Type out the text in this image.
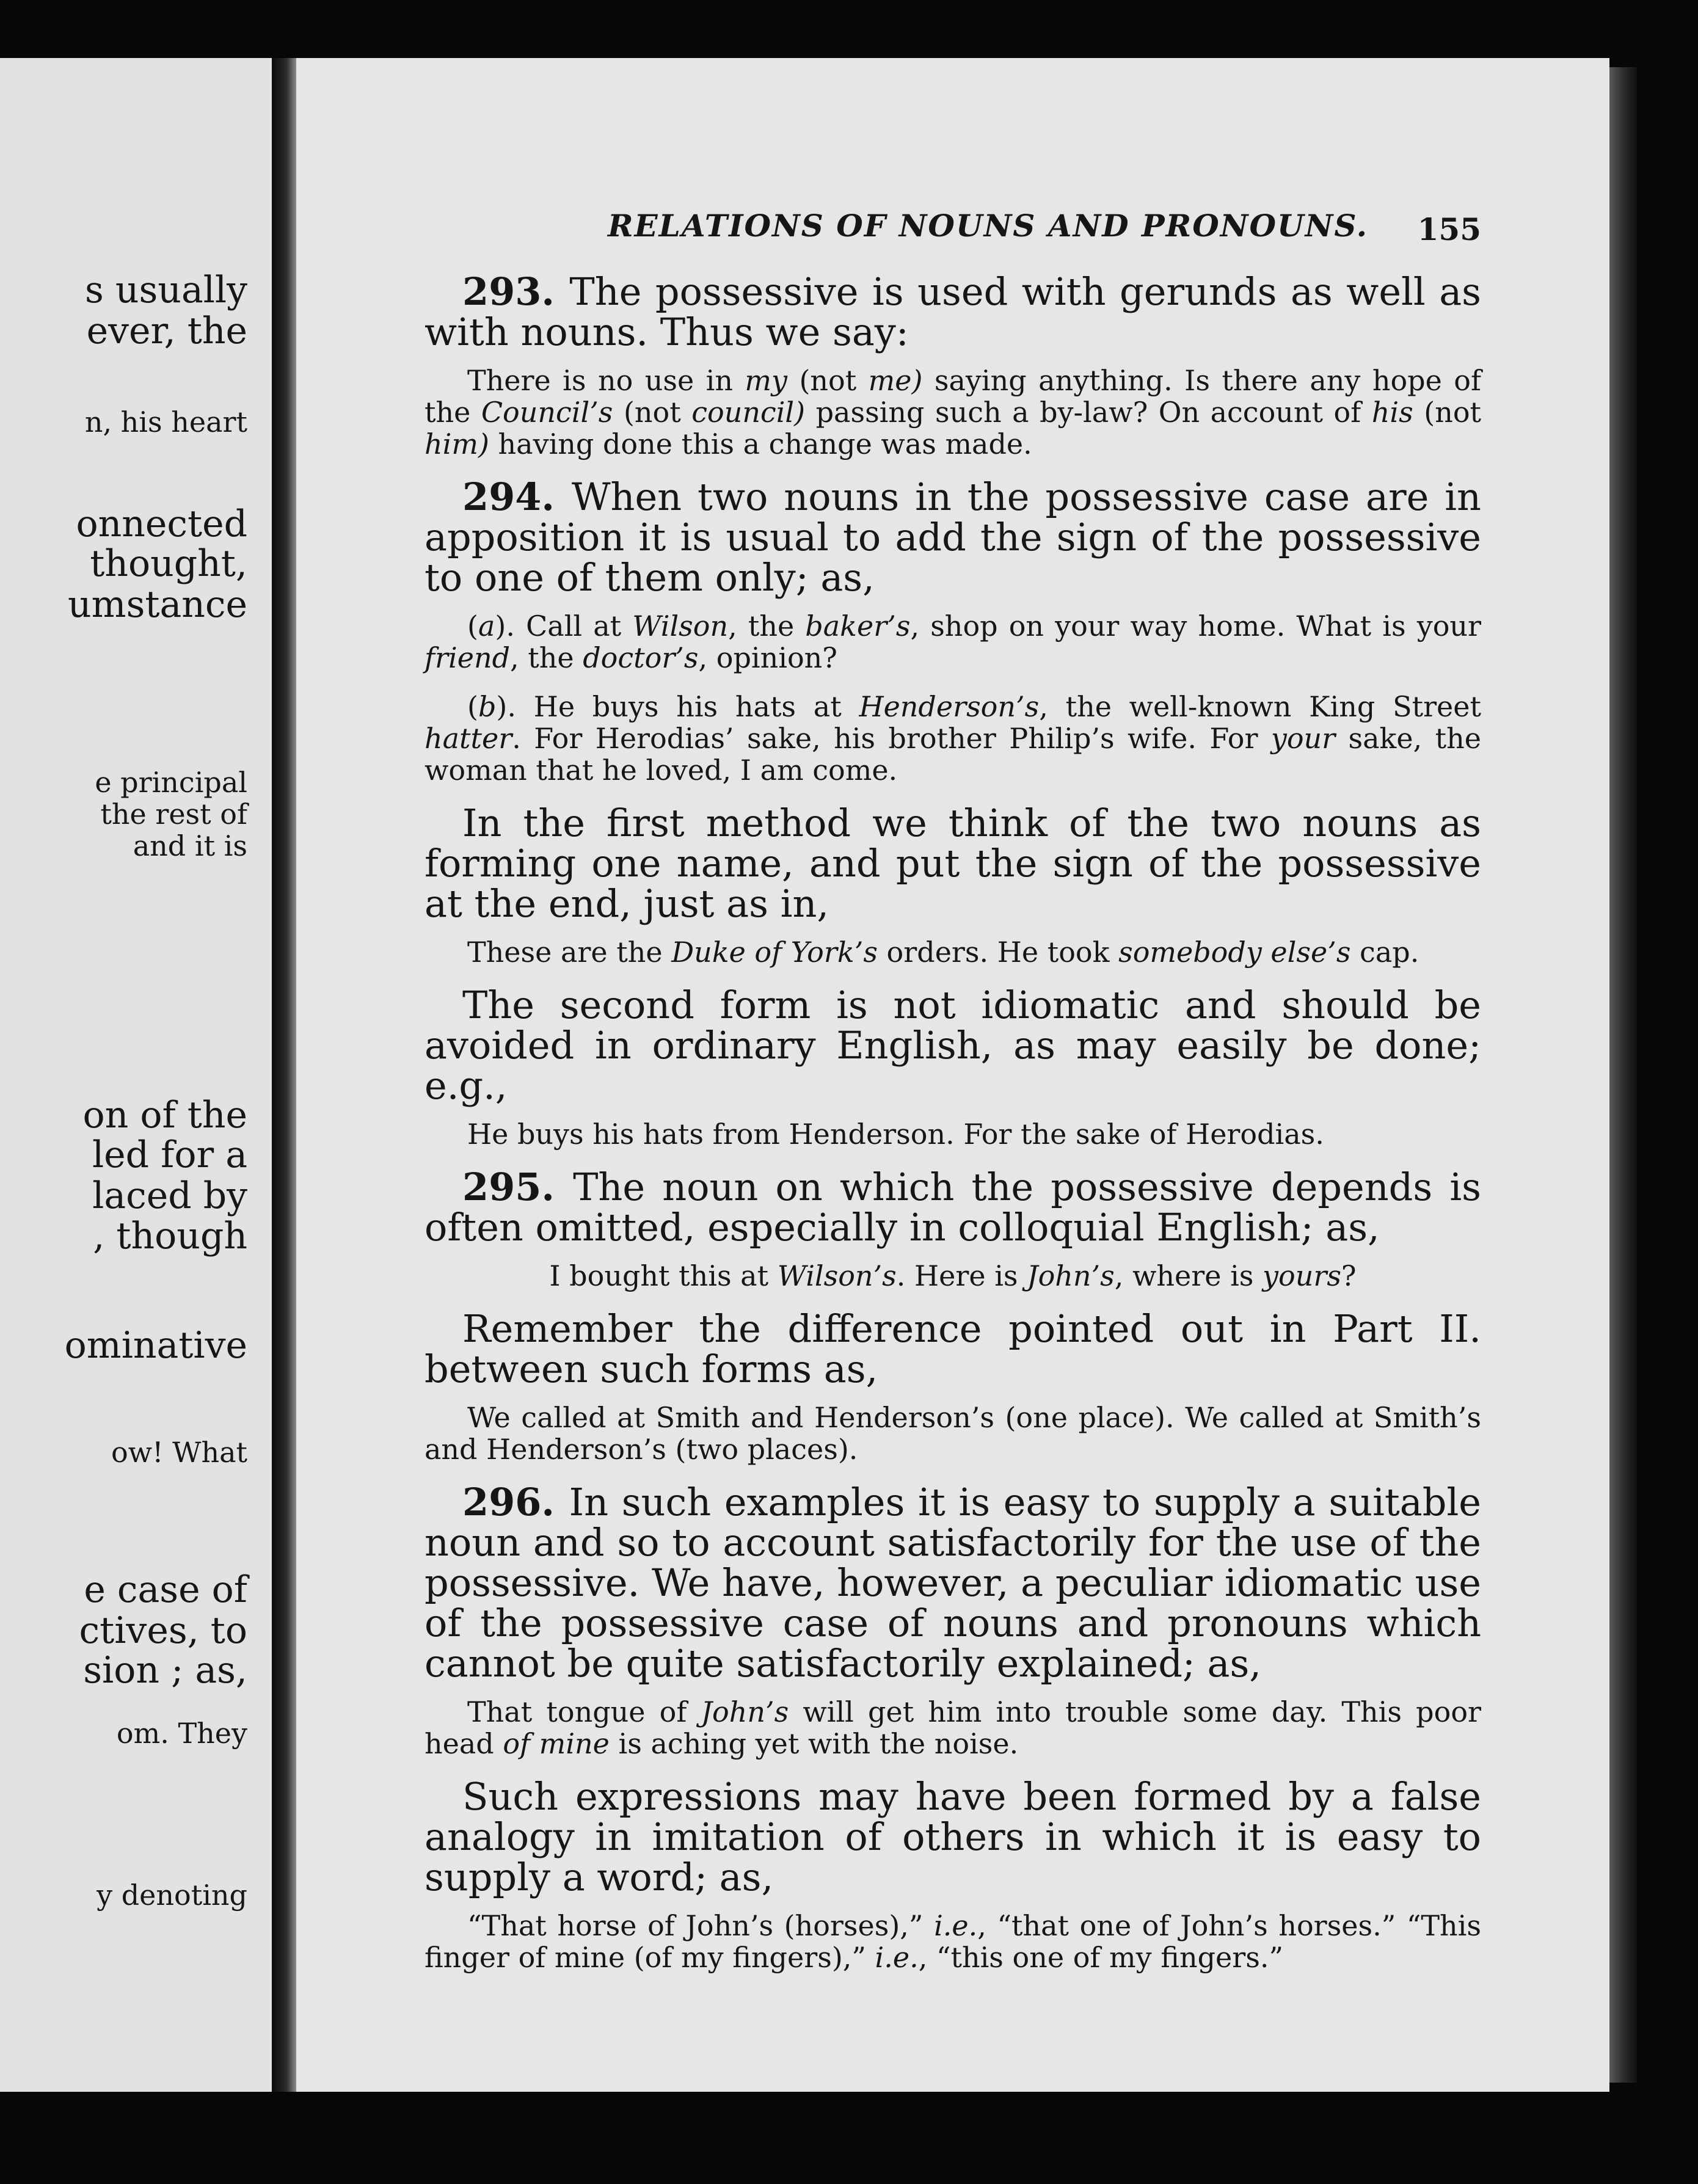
s usually
ever, the
n, his heart
onnected
thought,
umstance
e principal
the rest of
and it is
on of the
led for a
laced by
, though
ominative
ow! What
e case of
ctives, to
sion ; as,
om. They
y denoting
RELATIONS OF NOUNS AND PRONOUNS. 155

293. The possessive is used with gerunds as well as with nouns. Thus we say:

There is no use in my (not me) saying anything. Is there any hope of the Council’s (not council) passing such a by-law? On account of his (not him) having done this a change was made.

294. When two nouns in the possessive case are in apposition it is usual to add the sign of the possessive to one of them only; as,

(a). Call at Wilson, the baker’s, shop on your way home. What is your friend, the doctor’s, opinion?

(b). He buys his hats at Henderson’s, the well-known King Street hatter. For Herodias’ sake, his brother Philip’s wife. For your sake, the woman that he loved, I am come.

In the first method we think of the two nouns as forming one name, and put the sign of the possessive at the end, just as in,

These are the Duke of York’s orders. He took somebody else’s cap.

The second form is not idiomatic and should be avoided in ordinary English, as may easily be done; e.g.,

He buys his hats from Henderson. For the sake of Herodias.

295. The noun on which the possessive depends is often omitted, especially in colloquial English; as,

I bought this at Wilson’s. Here is John’s, where is yours?

Remember the difference pointed out in Part II. between such forms as,

We called at Smith and Henderson’s (one place). We called at Smith’s and Henderson’s (two places).

296. In such examples it is easy to supply a suitable noun and so to account satisfactorily for the use of the possessive. We have, however, a peculiar idiomatic use of the possessive case of nouns and pronouns which cannot be quite satisfactorily explained; as,

That tongue of John’s will get him into trouble some day. This poor head of mine is aching yet with the noise.

Such expressions may have been formed by a false analogy in imitation of others in which it is easy to supply a word; as,

“That horse of John’s (horses),” i.e., “that one of John’s horses.” “This finger of mine (of my fingers),” i.e., “this one of my fingers.”
